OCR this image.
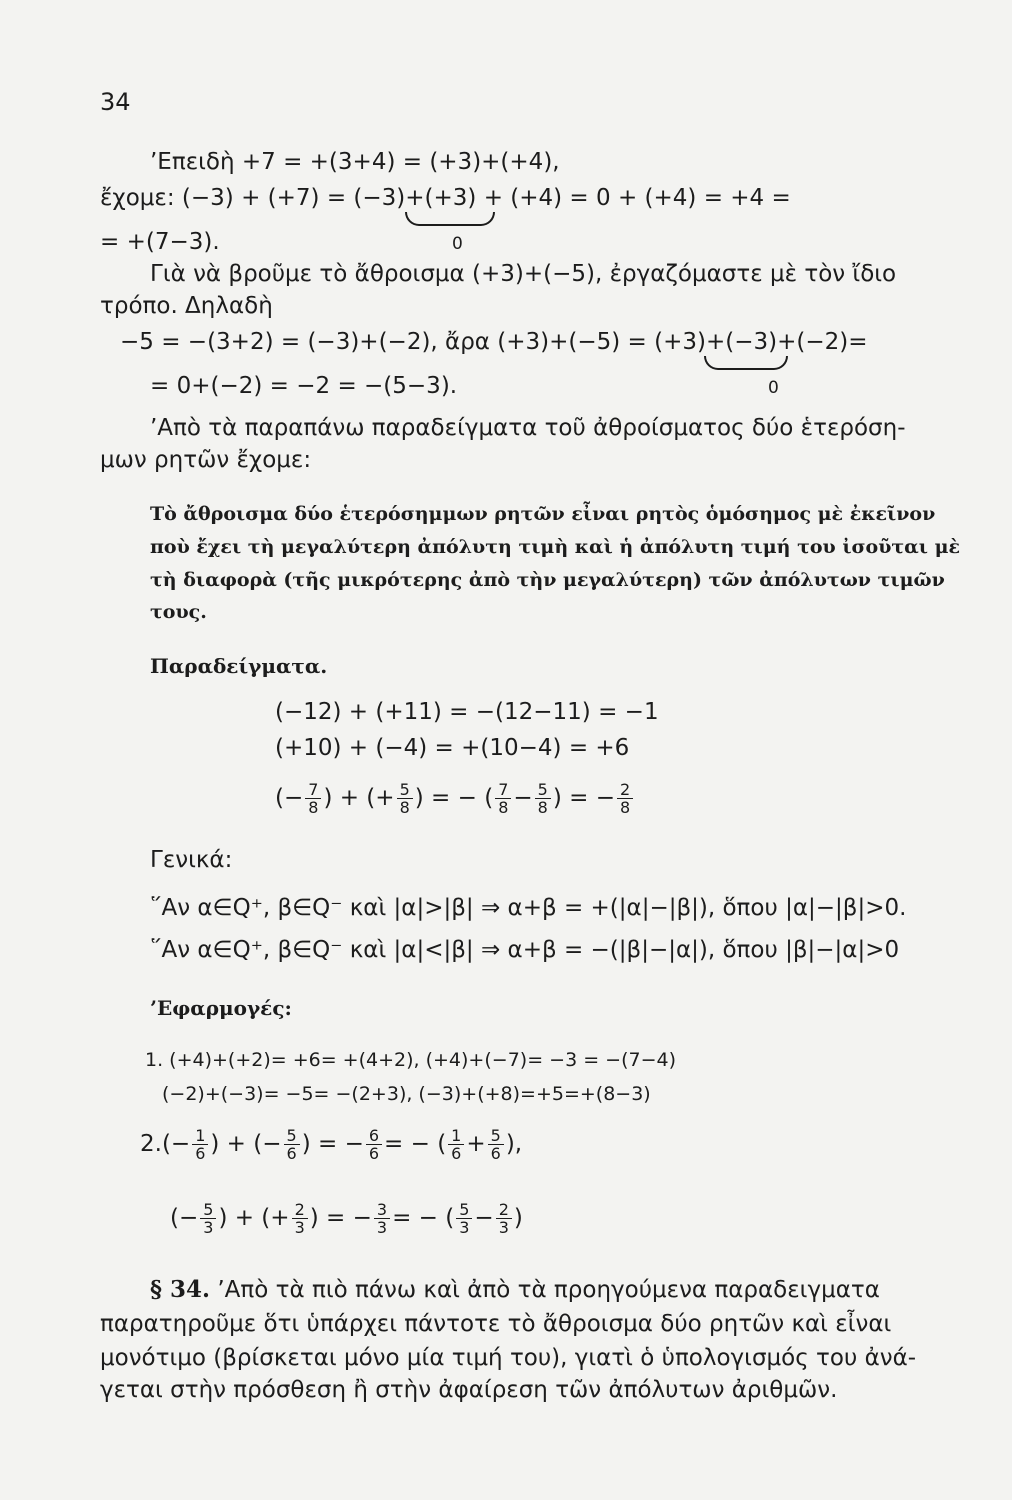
34
’Επειδὴ +7 = +(3+4) = (+3)+(+4),
ἔχομε: (−3) + (+7) = (−3)+(+3) + (+4) = 0 + (+4) = +4 =
0
= +(7−3).
Γιὰ νὰ βροῦμε τὸ ἄθροισμα (+3)+(−5), ἐργαζόμαστε μὲ τὸν ἴδιο
τρόπο. Δηλαδὴ
−5 = −(3+2) = (−3)+(−2), ἄρα (+3)+(−5) = (+3)+(−3)+(−2)=
= 0+(−2) = −2 = −(5−3).	0
’Απὸ τὰ παραπάνω παραδείγματα τοῦ ἀθροίσματος δύο ἑτερόση-
μων ρητῶν ἔχομε:
Τὸ ἄθροισμα δύο ἑτερόσημμων ρητῶν εἶναι ρητὸς ὁμόσημος μὲ ἐκεῖνον
ποὺ ἔχει τὴ μεγαλύτερη ἀπόλυτη τιμὴ καὶ ἡ ἀπόλυτη τιμή του ἰσοῦται μὲ
τὴ διαφορὰ (τῆς μικρότερης ἀπὸ τὴν μεγαλύτερη) τῶν ἀπόλυτων τιμῶν
τους.
Παραδείγματα.
(−12) + (+11) = −(12−11) = −1
(+10) + (−4) = +(10−4) = +6
(− $\frac{7}{8}$ ) + (+ $\frac{5}{8}$ ) = − ( $\frac{7}{8} - \frac{5}{8}$ ) = − $\frac{2}{8}$
Γενικά:
῞Αν α∈Q⁺, β∈Q⁻ καὶ |α|>|β| ⇒ α+β = +(|α|−|β|), ὅπου |α|−|β|>0.
῞Αν α∈Q⁺, β∈Q⁻ καὶ |α|<|β| ⇒ α+β = −(|β|−|α|), ὅπου |β|−|α|>0
’Εφαρμογές:
1. (+4)+(+2)= +6= +(4+2), (+4)+(−7)= −3 = −(7−4)
(−2)+(−3)= −5= −(2+3), (−3)+(+8)=+5=+(8−3)
$2.(- \frac{1}{6}$ ) + (− $\frac{5}{6}$ ) = − $\frac{6}{6}$ = − ( $\frac{1}{6} + \frac{5}{6}$ ),
(− $\frac{5}{3}$ ) + (+ $\frac{2}{3}$ ) = − $\frac{3}{3}$ = − ( $\frac{5}{3} - \frac{2}{3}$ )
§ 34. ’Απὸ τὰ πιὸ πάνω καὶ ἀπὸ τὰ προηγούμενα παραδειγματα
παρατηροῦμε ὅτι ὑπάρχει πάντοτε τὸ ἄθροισμα δύο ρητῶν καὶ εἶναι
μονότιμο (βρίσκεται μόνο μία τιμή του), γιατὶ ὁ ὑπολογισμός του ἀνά-
γεται στὴν πρόσθεση ἢ στὴν ἀφαίρεση τῶν ἀπόλυτων ἀριθμῶν.
